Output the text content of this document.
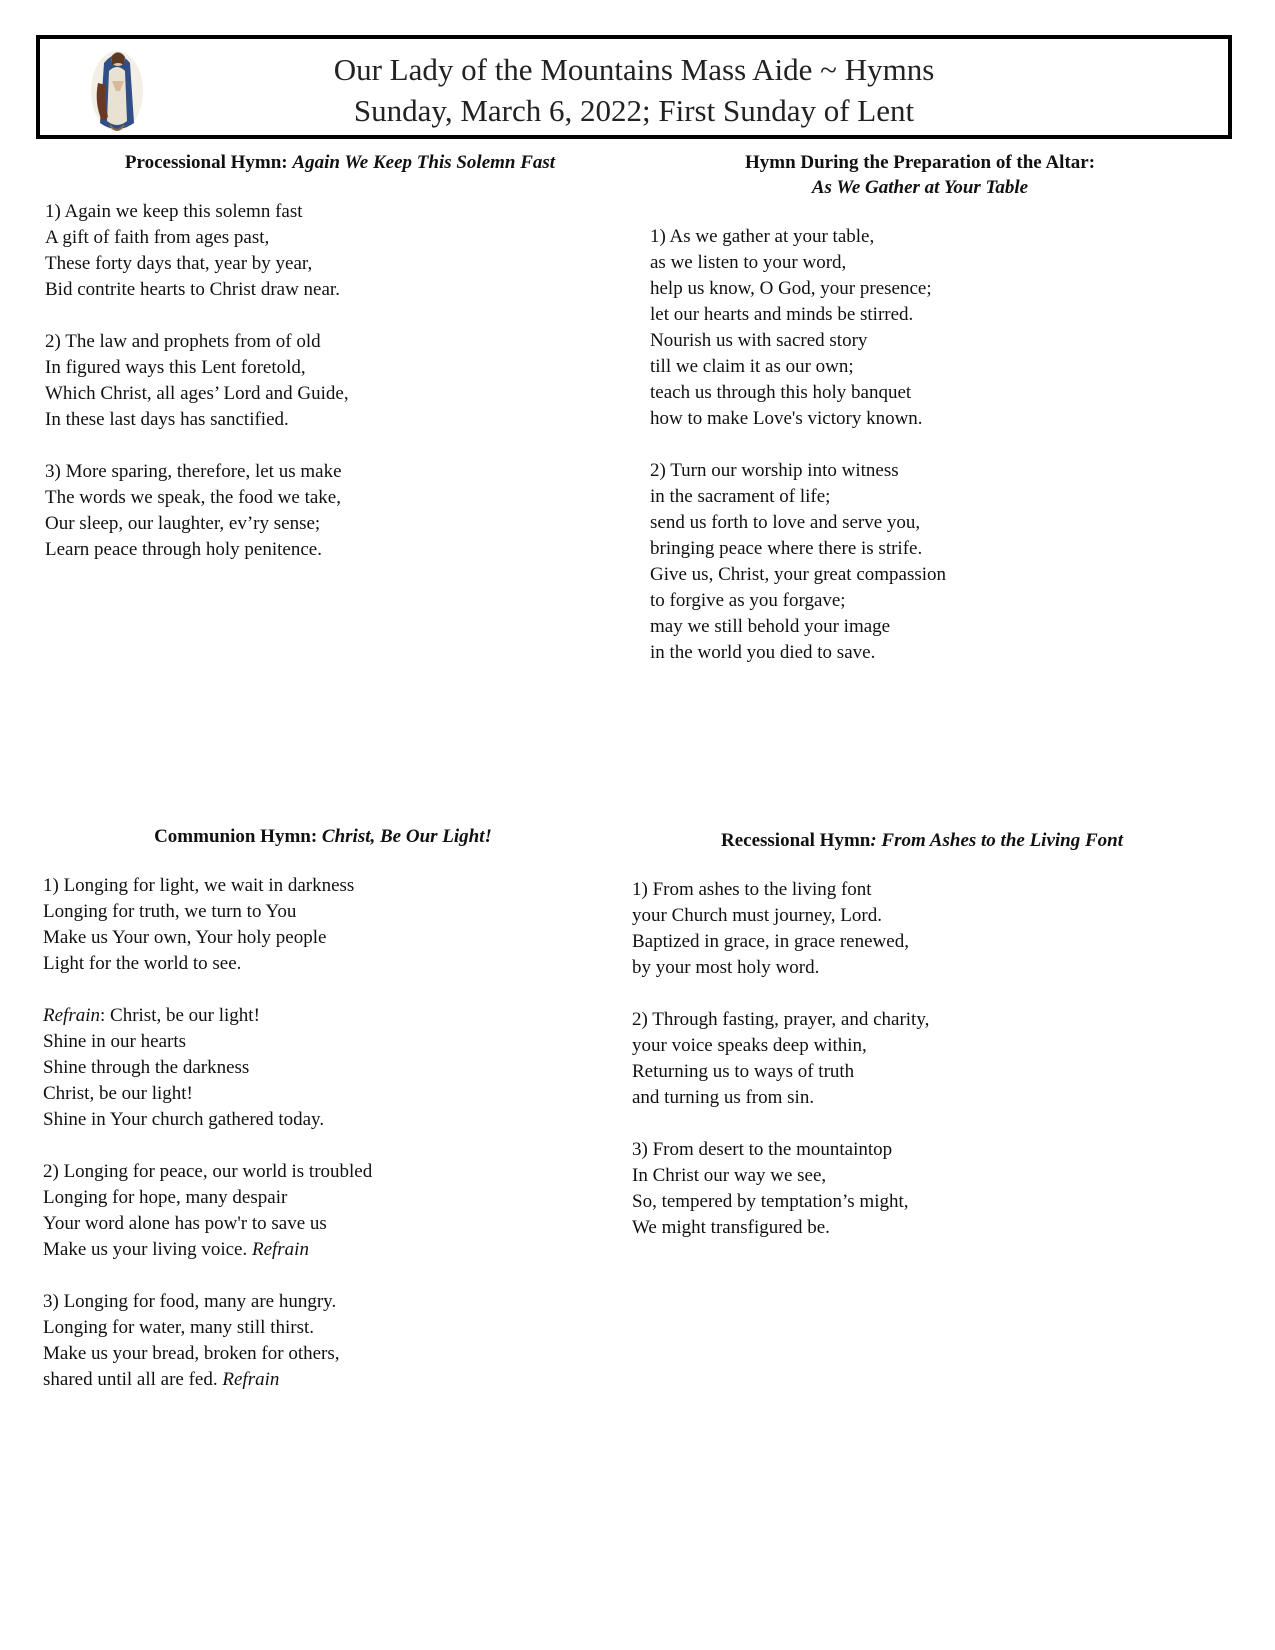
Our Lady of the Mountains Mass Aide ~ Hymns
Sunday, March 6, 2022; First Sunday of Lent
Processional Hymn: Again We Keep This Solemn Fast
1) Again we keep this solemn fast
A gift of faith from ages past,
These forty days that, year by year,
Bid contrite hearts to Christ draw near.
2) The law and prophets from of old
In figured ways this Lent foretold,
Which Christ, all ages’ Lord and Guide,
In these last days has sanctified.
3) More sparing, therefore, let us make
The words we speak, the food we take,
Our sleep, our laughter, ev’ry sense;
Learn peace through holy penitence.
Hymn During the Preparation of the Altar:
As We Gather at Your Table
1) As we gather at your table,
as we listen to your word,
help us know, O God, your presence;
let our hearts and minds be stirred.
Nourish us with sacred story
till we claim it as our own;
teach us through this holy banquet
how to make Love's victory known.
2) Turn our worship into witness
in the sacrament of life;
send us forth to love and serve you,
bringing peace where there is strife.
Give us, Christ, your great compassion
to forgive as you forgave;
may we still behold your image
in the world you died to save.
Communion Hymn: Christ, Be Our Light!
1) Longing for light, we wait in darkness
Longing for truth, we turn to You
Make us Your own, Your holy people
Light for the world to see.
Refrain: Christ, be our light!
Shine in our hearts
Shine through the darkness
Christ, be our light!
Shine in Your church gathered today.
2) Longing for peace, our world is troubled
Longing for hope, many despair
Your word alone has pow'r to save us
Make us your living voice. Refrain
3) Longing for food, many are hungry.
Longing for water, many still thirst.
Make us your bread, broken for others,
shared until all are fed. Refrain
Recessional Hymn: From Ashes to the Living Font
1) From ashes to the living font
your Church must journey, Lord.
Baptized in grace, in grace renewed,
by your most holy word.
2) Through fasting, prayer, and charity,
your voice speaks deep within,
Returning us to ways of truth
and turning us from sin.
3) From desert to the mountaintop
In Christ our way we see,
So, tempered by temptation’s might,
We might transfigured be.
